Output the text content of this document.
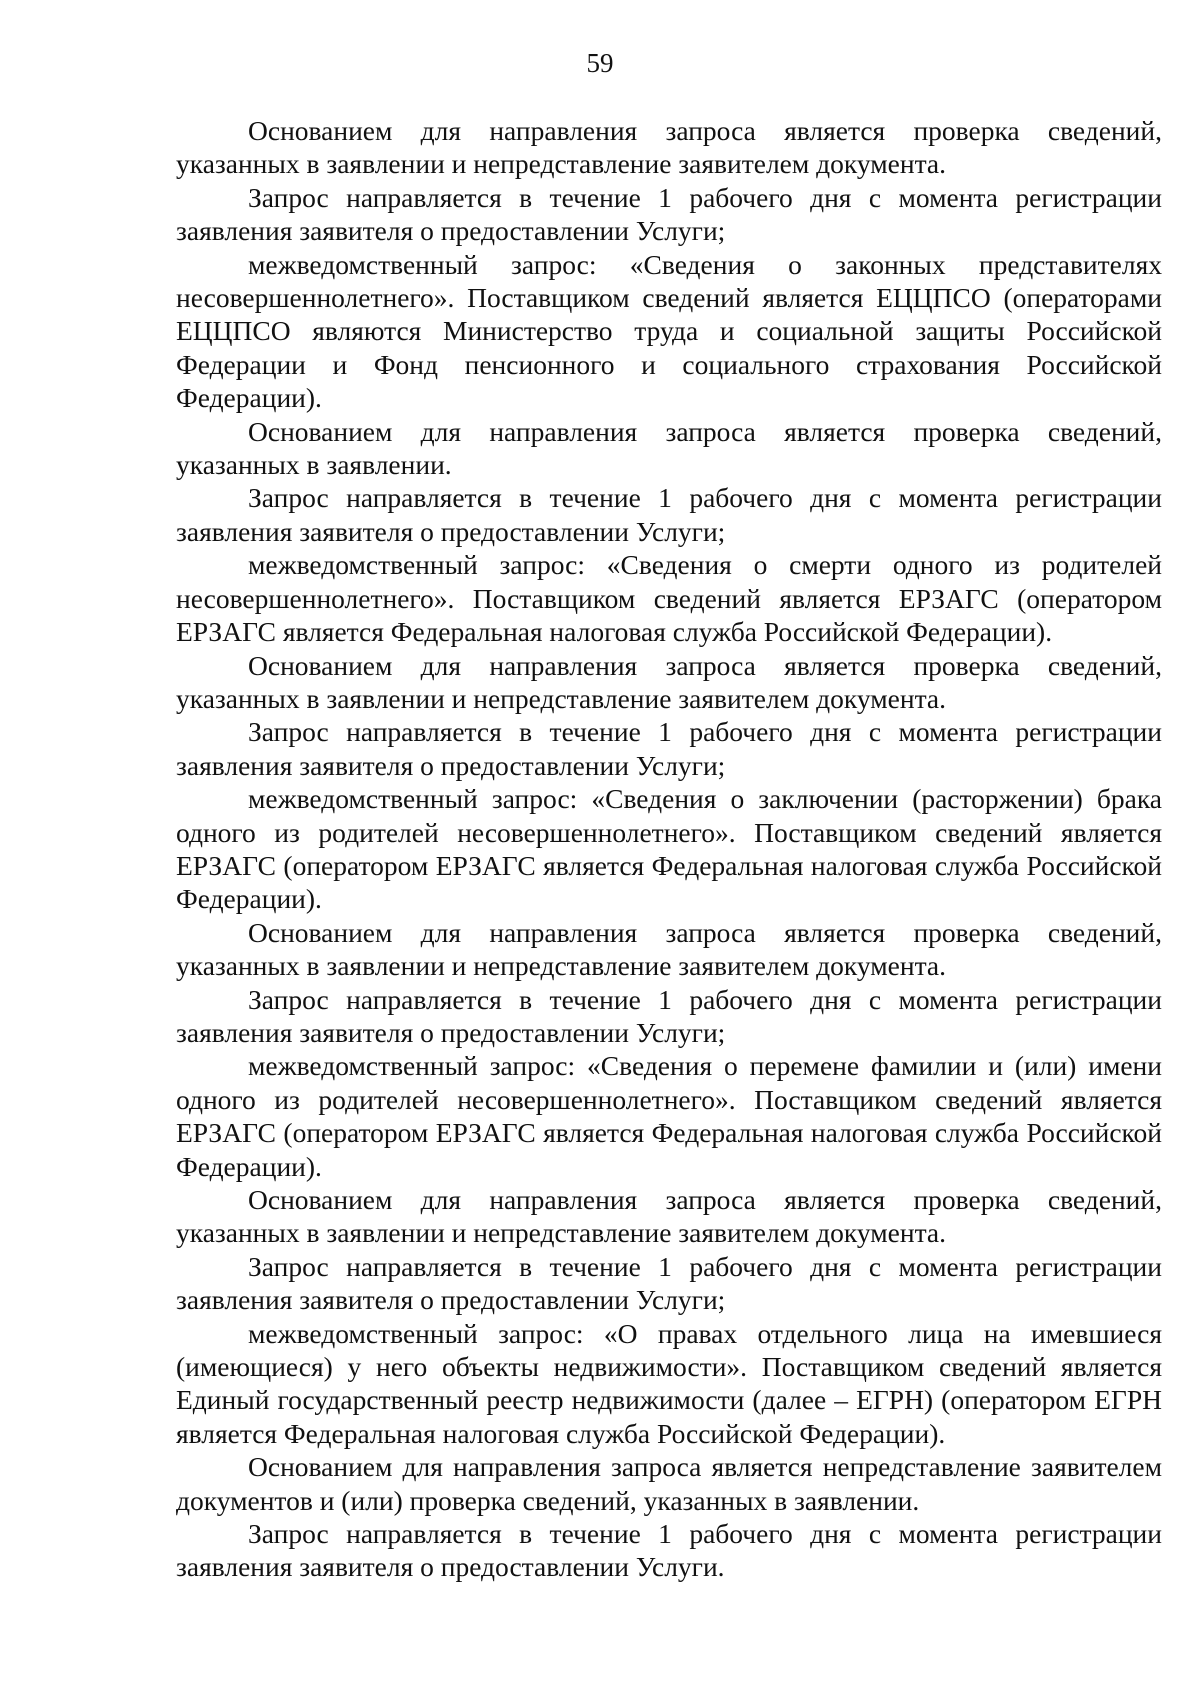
59

Основанием для направления запроса является проверка сведений, указанных в заявлении и непредставление заявителем документа.

Запрос направляется в течение 1 рабочего дня с момента регистрации заявления заявителя о предоставлении Услуги;

межведомственный запрос: «Сведения о законных представителях несовершеннолетнего». Поставщиком сведений является ЕЦЦПСО (операторами ЕЦЦПСО являются Министерство труда и социальной защиты Российской Федерации и Фонд пенсионного и социального страхования Российской Федерации).

Основанием для направления запроса является проверка сведений, указанных в заявлении.

Запрос направляется в течение 1 рабочего дня с момента регистрации заявления заявителя о предоставлении Услуги;

межведомственный запрос: «Сведения о смерти одного из родителей несовершеннолетнего». Поставщиком сведений является ЕРЗАГС (оператором ЕРЗАГС является Федеральная налоговая служба Российской Федерации).

Основанием для направления запроса является проверка сведений, указанных в заявлении и непредставление заявителем документа.

Запрос направляется в течение 1 рабочего дня с момента регистрации заявления заявителя о предоставлении Услуги;

межведомственный запрос: «Сведения о заключении (расторжении) брака одного из родителей несовершеннолетнего». Поставщиком сведений является ЕРЗАГС (оператором ЕРЗАГС является Федеральная налоговая служба Российской Федерации).

Основанием для направления запроса является проверка сведений, указанных в заявлении и непредставление заявителем документа.

Запрос направляется в течение 1 рабочего дня с момента регистрации заявления заявителя о предоставлении Услуги;

межведомственный запрос: «Сведения о перемене фамилии и (или) имени одного из родителей несовершеннолетнего». Поставщиком сведений является ЕРЗАГС (оператором ЕРЗАГС является Федеральная налоговая служба Российской Федерации).

Основанием для направления запроса является проверка сведений, указанных в заявлении и непредставление заявителем документа.

Запрос направляется в течение 1 рабочего дня с момента регистрации заявления заявителя о предоставлении Услуги;

межведомственный запрос: «О правах отдельного лица на имевшиеся (имеющиеся) у него объекты недвижимости». Поставщиком сведений является Единый государственный реестр недвижимости (далее – ЕГРН) (оператором ЕГРН является Федеральная налоговая служба Российской Федерации).

Основанием для направления запроса является непредставление заявителем документов и (или) проверка сведений, указанных в заявлении.

Запрос направляется в течение 1 рабочего дня с момента регистрации заявления заявителя о предоставлении Услуги.
